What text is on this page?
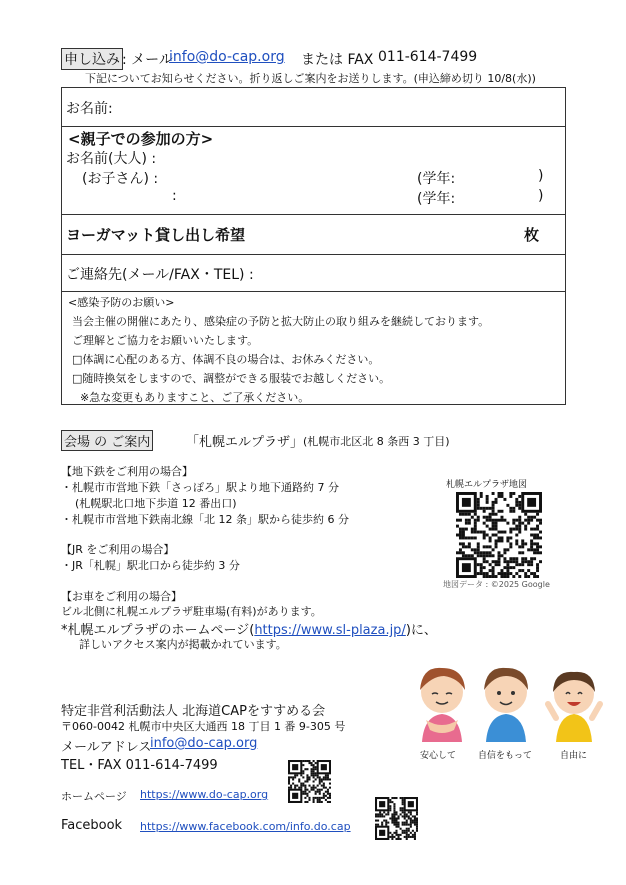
申し込み : メール
info@do-cap.org または FAX 011-614-7499
下記についてお知らせください。折り返しご案内をお送りします。(申込締め切り 10/8(水))
お名前:
<親子での参加の方>
お名前(大人) :
(お子さん) :	(学年:	)
:	(学年:	)
ヨーガマット貸し出し希望	枚
ご連絡先(メール/FAX・TEL) :
<感染予防のお願い>
当会主催の開催にあたり、感染症の予防と拡大防止の取り組みを継続しております。
ご理解とご協力をお願いいたします。
□体調に心配のある方、体調不良の場合は、お休みください。
□随時換気をしますので、調整ができる服装でお越しください。
※急な変更もありますこと、ご了承ください。
会場 の ご案内	「札幌エルプラザ」 (札幌市北区北 8 条西 3 丁目)
【地下鉄をご利用の場合】
・札幌市市営地下鉄「さっぽろ」駅より地下通路約 7 分
(札幌駅北口地下歩道 12 番出口)
・札幌市市営地下鉄南北線「北 12 条」駅から徒歩約 6 分
【JR をご利用の場合】
・JR「札幌」駅北口から徒歩約 3 分
【お車をご利用の場合】
ビル北側に札幌エルプラザ駐車場(有料)があります。
*札幌エルプラザのホームページ(https://www.sl-plaza.jp/)に、
詳しいアクセス案内が掲載かれています。
札幌エルプラザ地図
地図データ : ©2025 Google
特定非営利活動法人 北海道CAPをすすめる会
〒060-0042 札幌市中央区大通西 18 丁目 1 番 9-305 号
メールアドレス
info@do-cap.org
TEL・FAX 011-614-7499
ホームページ https://www.do-cap.org
Facebook https://www.facebook.com/info.do.cap
安心して 自信をもって	自由に
